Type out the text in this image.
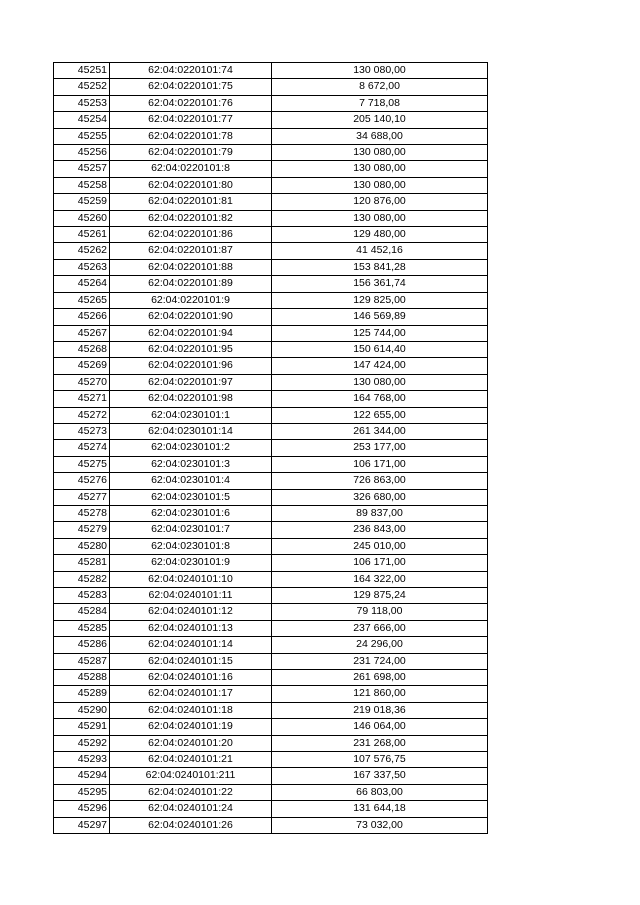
45251	62:04:0220101:74	130 080,00
45252	62:04:0220101:75	8 672,00
45253	62:04:0220101:76	7 718,08
45254	62:04:0220101:77	205 140,10
45255	62:04:0220101:78	34 688,00
45256	62:04:0220101:79	130 080,00
45257	62:04:0220101:8	130 080,00
45258	62:04:0220101:80	130 080,00
45259	62:04:0220101:81	120 876,00
45260	62:04:0220101:82	130 080,00
45261	62:04:0220101:86	129 480,00
45262	62:04:0220101:87	41 452,16
45263	62:04:0220101:88	153 841,28
45264	62:04:0220101:89	156 361,74
45265	62:04:0220101:9	129 825,00
45266	62:04:0220101:90	146 569,89
45267	62:04:0220101:94	125 744,00
45268	62:04:0220101:95	150 614,40
45269	62:04:0220101:96	147 424,00
45270	62:04:0220101:97	130 080,00
45271	62:04:0220101:98	164 768,00
45272	62:04:0230101:1	122 655,00
45273	62:04:0230101:14	261 344,00
45274	62:04:0230101:2	253 177,00
45275	62:04:0230101:3	106 171,00
45276	62:04:0230101:4	726 863,00
45277	62:04:0230101:5	326 680,00
45278	62:04:0230101:6	89 837,00
45279	62:04:0230101:7	236 843,00
45280	62:04:0230101:8	245 010,00
45281	62:04:0230101:9	106 171,00
45282	62:04:0240101:10	164 322,00
45283	62:04:0240101:11	129 875,24
45284	62:04:0240101:12	79 118,00
45285	62:04:0240101:13	237 666,00
45286	62:04:0240101:14	24 296,00
45287	62:04:0240101:15	231 724,00
45288	62:04:0240101:16	261 698,00
45289	62:04:0240101:17	121 860,00
45290	62:04:0240101:18	219 018,36
45291	62:04:0240101:19	146 064,00
45292	62:04:0240101:20	231 268,00
45293	62:04:0240101:21	107 576,75
45294	62:04:0240101:211	167 337,50
45295	62:04:0240101:22	66 803,00
45296	62:04:0240101:24	131 644,18
45297	62:04:0240101:26	73 032,00
